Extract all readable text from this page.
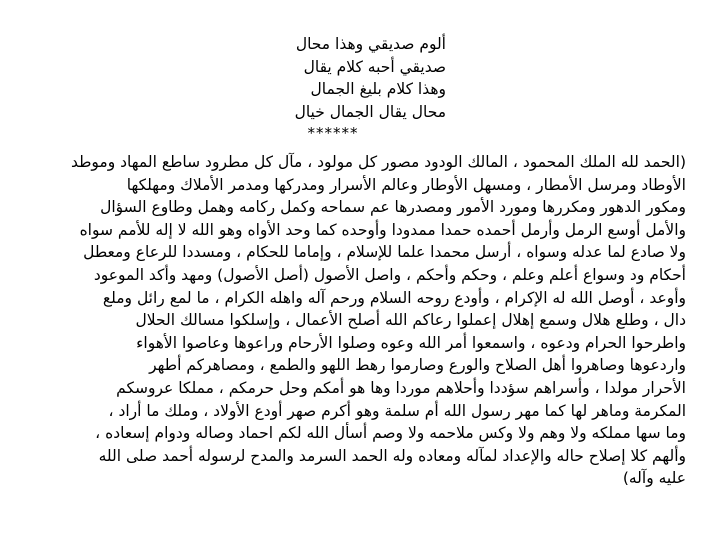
ألوم صديقي وهذا محال
صديقي أحبه كلام يقال
وهذا كلام بليغ الجمال
محال يقال الجمال خيال
******
(الحمد لله الملك المحمود ، المالك الودود مصور كل مولود ، مآل كل مطرود ساطع المهاد وموطد
الأوطاد ومرسل الأمطار ، ومسهل الأوطار وعالم الأسرار ومدركها ومدمر الأملاك ومهلكها
ومكور الدهور ومكررها ومورد الأمور ومصدرها عم سماحه وكمل ركامه وهمل وطاوع السؤال
والأمل أوسع الرمل وأرمل أحمده حمدا ممدودا وأوحده كما وحد الأواه وهو الله لا إله للأمم سواه
ولا صادع لما عدله وسواه ، أرسل محمدا علما للإسلام ، وإماما للحكام ، ومسددا للرعاع ومعطل
أحكام ود وسواع أعلم وعلم ، وحكم وأحكم ، واصل الأصول (أصل الأصول) ومهد وأكد الموعود
وأوعد ، أوصل الله له الإكرام ، وأودع روحه السلام ورحم آله واهله الكرام ، ما لمع رائل وملع
دال ، وطلع هلال وسمع إهلال إعملوا رعاكم الله أصلح الأعمال ، وإسلكوا مسالك الحلال
واطرحوا الحرام ودعوه ، واسمعوا أمر الله وعوه وصلوا الأرحام وراعوها وعاصوا الأهواء
واردعوها وصاهروا أهل الصلاح والورع وصارموا رهط اللهو والطمع ، ومصاهركم أطهر
الأحرار مولدا ، وأسراهم سؤددا وأحلاهم موردا وها هو أمكم وحل حرمكم ، مملكا عروسكم
المكرمة وماهر لها كما مهر رسول الله أم سلمة وهو أكرم صهر أودع الأولاد ، وملك ما أراد ،
وما سها مملكه ولا وهم ولا وكس ملاحمه ولا وصم أسأل الله لكم احماد وصاله ودوام إسعاده ،
وألهم كلا إصلاح حاله والإعداد لمآله ومعاده وله الحمد السرمد والمدح لرسوله أحمد صلى الله
عليه وآله)
